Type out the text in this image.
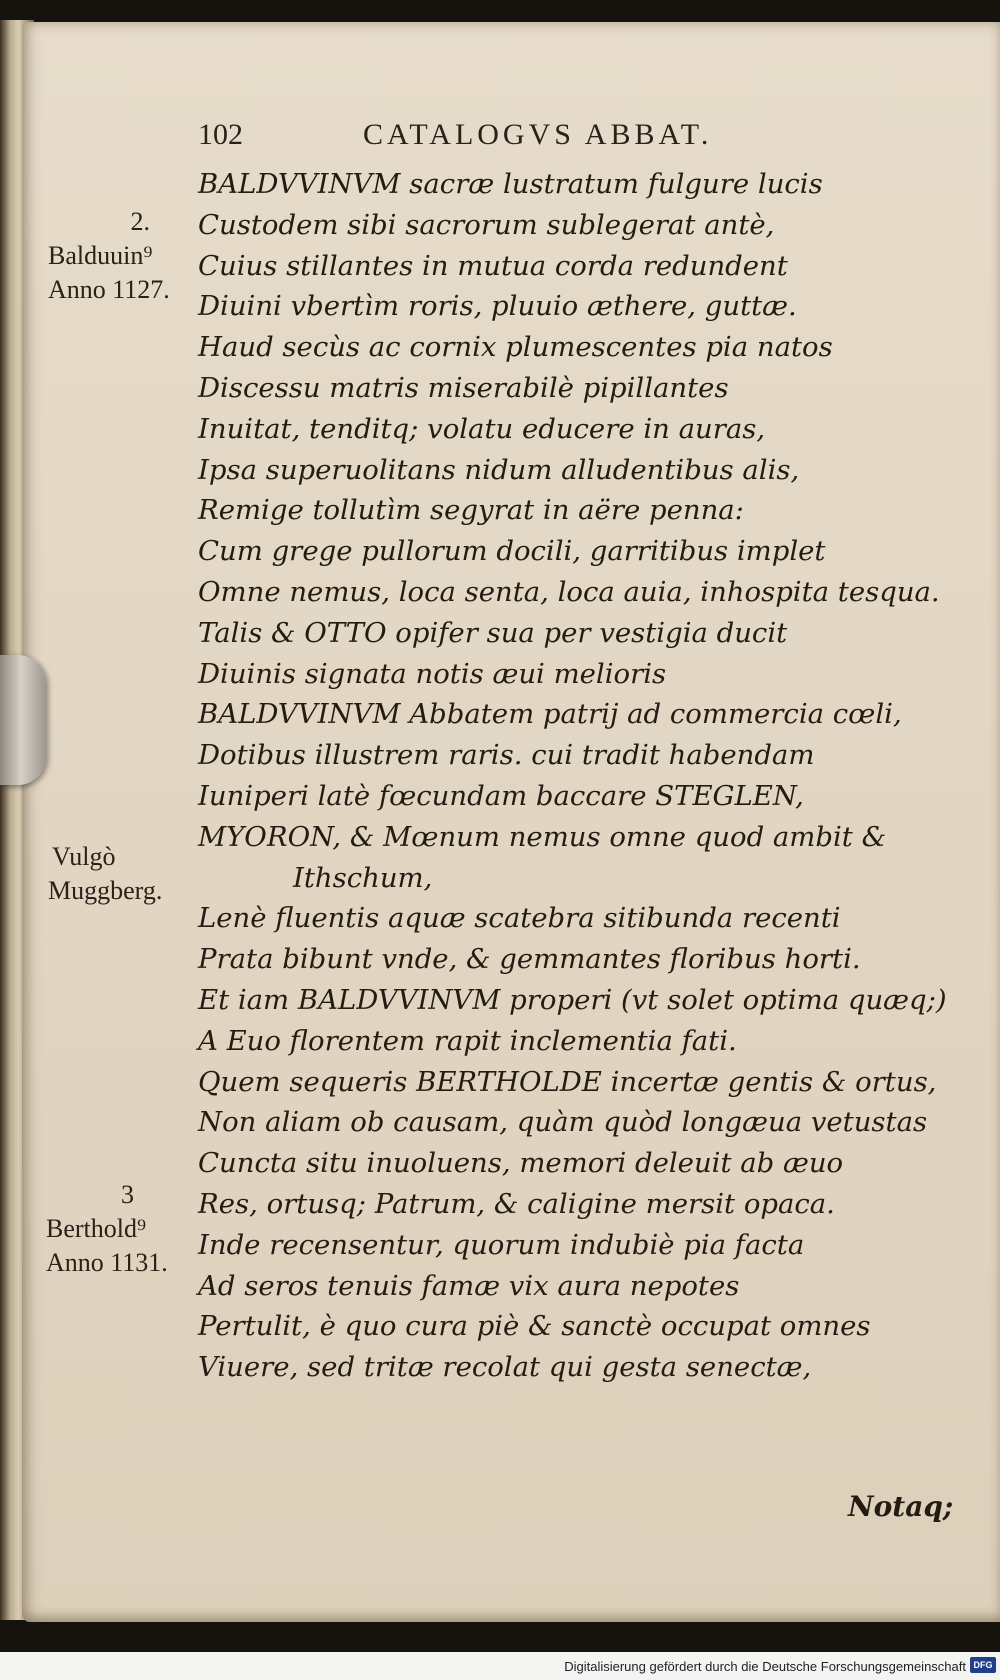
102	CATALOGVS ABBAT.
BALDVVINVM sacræ lustratum fulgure lucis
Custodem sibi sacrorum sublegerat antè,
Cuius stillantes in mutua corda redundent
Diuini vbertìm roris, pluuio æthere, guttæ.
Haud secùs ac cornix plumescentes pia natos
Discessu matris miserabilè pipillantes
Inuitat, tenditq; volatu educere in auras,
Ipsa superuolitans nidum alludentibus alis,
Remige tollutìm segyrat in aëre penna:
Cum grege pullorum docili, garritibus implet
Omne nemus, loca senta, loca auia, inhospita tesqua.
Talis & OTTO opifer sua per vestigia ducit
Diuinis signata notis æui melioris
BALDVVINVM Abbatem patrij ad commercia cœli,
Dotibus illustrem raris. cui tradit habendam
Iuniperi latè fœcundam baccare STEGLEN,
MYORON, & Mœnum nemus omne quod ambit &
Ithschum,
Lenè fluentis aquæ scatebra sitibunda recenti
Prata bibunt vnde, & gemmantes floribus horti.
Et iam BALDVVINVM properi (vt solet optima quæq;)
A Euo florentem rapit inclementia fati.
Quem sequeris BERTHOLDE incertæ gentis & ortus,
Non aliam ob causam, quàm quòd longæua vetustas
Cuncta situ inuoluens, memori deleuit ab æuo
Res, ortusq; Patrum, & caligine mersit opaca.
Inde recensentur, quorum indubiè pia facta
Ad seros tenuis famæ vix aura nepotes
Pertulit, è quo cura piè & sanctè occupat omnes
Viuere, sed tritæ recolat qui gesta senectæ,
2.
Balduuin⁹
Anno 1127.
Vulgò
Muggberg.
3
Berthold⁹
Anno 1131.
Notaq;
Digitalisierung gefördert durch die Deutsche Forschungsgemeinschaft DFG
